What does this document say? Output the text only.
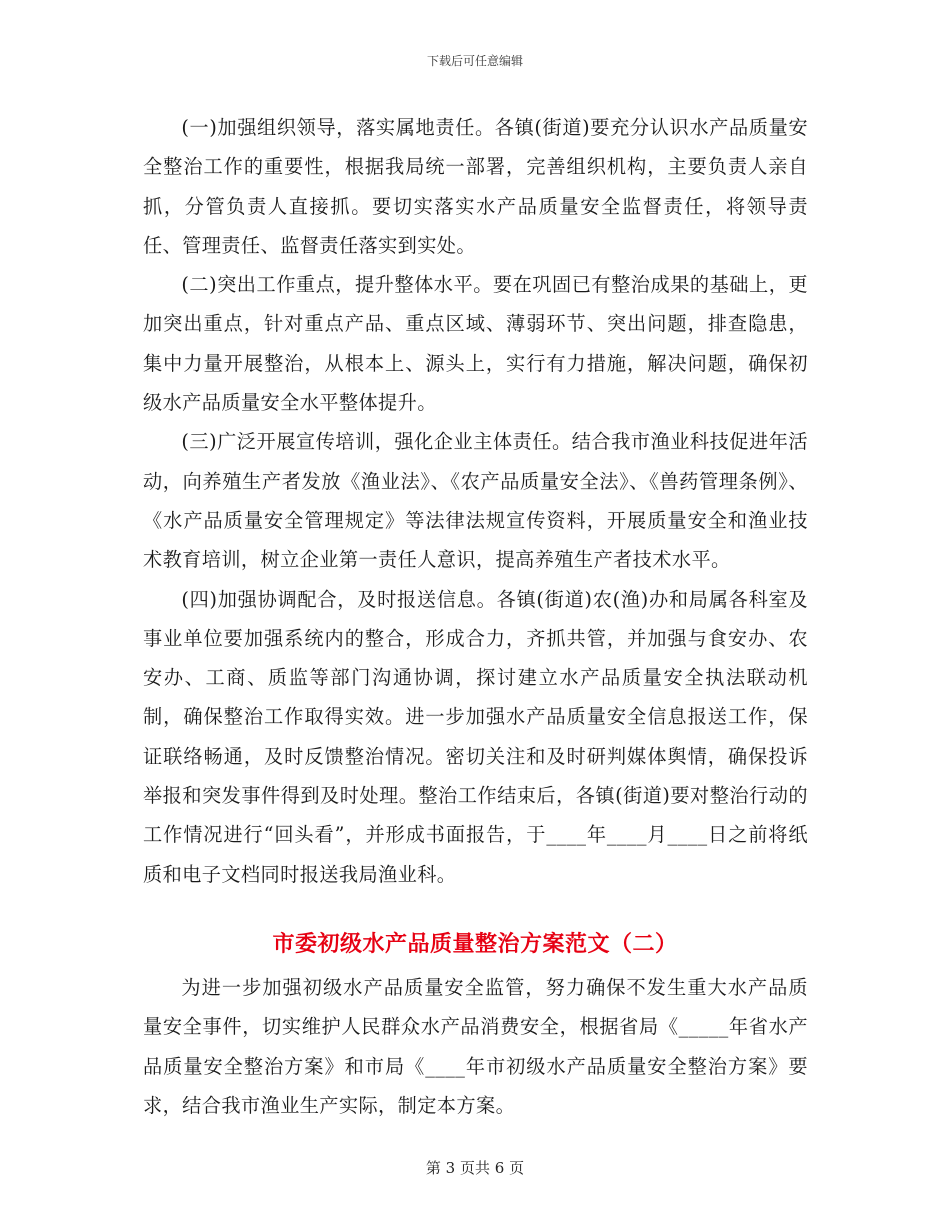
下载后可任意编辑

(一)加强组织领导，落实属地责任。各镇(街道)要充分认识水产品质量安全整治工作的重要性，根据我局统一部署，完善组织机构，主要负责人亲自抓，分管负责人直接抓。要切实落实水产品质量安全监督责任，将领导责任、管理责任、监督责任落实到实处。

(二)突出工作重点，提升整体水平。要在巩固已有整治成果的基础上，更加突出重点，针对重点产品、重点区域、薄弱环节、突出问题，排查隐患，集中力量开展整治，从根本上、源头上，实行有力措施，解决问题，确保初级水产品质量安全水平整体提升。

(三)广泛开展宣传培训，强化企业主体责任。结合我市渔业科技促进年活动，向养殖生产者发放《渔业法》、《农产品质量安全法》、《兽药管理条例》、《水产品质量安全管理规定》等法律法规宣传资料，开展质量安全和渔业技术教育培训，树立企业第一责任人意识，提高养殖生产者技术水平。

(四)加强协调配合，及时报送信息。各镇(街道)农(渔)办和局属各科室及事业单位要加强系统内的整合，形成合力，齐抓共管，并加强与食安办、农安办、工商、质监等部门沟通协调，探讨建立水产品质量安全执法联动机制，确保整治工作取得实效。进一步加强水产品质量安全信息报送工作，保证联络畅通，及时反馈整治情况。密切关注和及时研判媒体舆情，确保投诉举报和突发事件得到及时处理。整治工作结束后，各镇(街道)要对整治行动的工作情况进行“回头看”，并形成书面报告，于____年____月____日之前将纸质和电子文档同时报送我局渔业科。

市委初级水产品质量整治方案范文（二）

为进一步加强初级水产品质量安全监管，努力确保不发生重大水产品质量安全事件，切实维护人民群众水产品消费安全，根据省局《_____年省水产品质量安全整治方案》和市局《____年市初级水产品质量安全整治方案》要求，结合我市渔业生产实际，制定本方案。

第 3 页共 6 页
